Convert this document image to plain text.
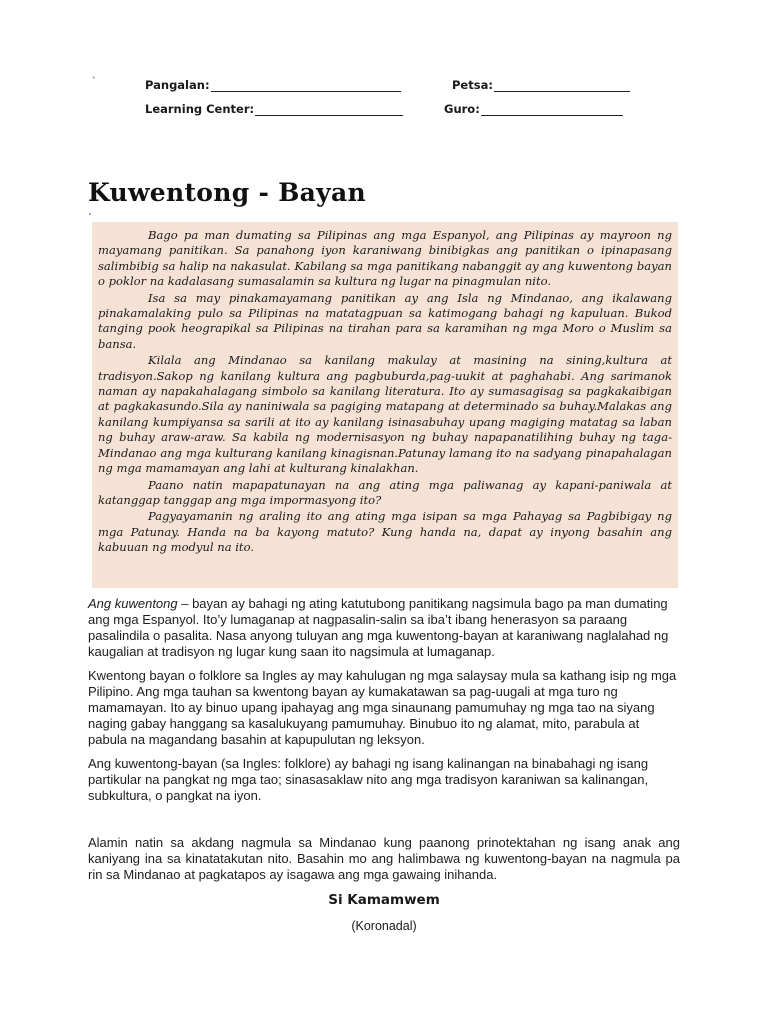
`	Pangalan:	Petsa:
Learning Center:	Guro:
Kuwentong - Bayan
'

Bago pa man dumating sa Pilipinas ang mga Espanyol, ang Pilipinas ay mayroon ng mayamang panitikan. Sa panahong iyon karaniwang binibigkas ang panitikan o ipinapasang salimbibig sa halip na nakasulat. Kabilang sa mga panitikang nabanggit ay ang kuwentong bayan o poklor na kadalasang sumasalamin sa kultura ng lugar na pinagmulan nito.

Isa sa may pinakamayamang panitikan ay ang Isla ng Mindanao, ang ikalawang pinakamalaking pulo sa Pilipinas na matatagpuan sa katimogang bahagi ng kapuluan. Bukod tanging pook heograpikal sa Pilipinas na tirahan para sa karamihan ng mga Moro o Muslim sa bansa.

Kilala ang Mindanao sa kanilang makulay at masining na sining,kultura at tradisyon.Sakop ng kanilang kultura ang pagbuburda,pag-uukit at paghahabi. Ang sarimanok naman ay napakahalagang simbolo sa kanilang literatura. Ito ay sumasagisag sa pagkakaibigan at pagkakasundo.Sila ay naniniwala sa pagiging matapang at determinado sa buhay.Malakas ang kanilang kumpiyansa sa sarili at ito ay kanilang isinasabuhay upang magiging matatag sa laban ng buhay araw-araw. Sa kabila ng modernisasyon ng buhay napapanatilihing buhay ng taga-Mindanao ang mga kulturang kanilang kinagisnan.Patunay lamang ito na sadyang pinapahalagan ng mga mamamayan ang lahi at kulturang kinalakhan.

Paano natin mapapatunayan na ang ating mga paliwanag ay kapani-paniwala at katanggap tanggap ang mga impormasyong ito?

Pagyayamanin ng araling ito ang ating mga isipan sa mga Pahayag sa Pagbibigay ng mga Patunay. Handa na ba kayong matuto? Kung handa na, dapat ay inyong basahin ang kabuuan ng modyul na ito.

Ang kuwentong – bayan ay bahagi ng ating katutubong panitikang nagsimula bago pa man dumating ang mga Espanyol. Ito’y lumaganap at nagpasalin-salin sa iba’t ibang henerasyon sa paraang pasalindila o pasalita. Nasa anyong tuluyan ang mga kuwentong-bayan at karaniwang naglalahad ng kaugalian at tradisyon ng lugar kung saan ito nagsimula at lumaganap.

Kwentong bayan o folklore sa Ingles ay may kahulugan ng mga salaysay mula sa kathang isip ng mga Pilipino. Ang mga tauhan sa kwentong bayan ay kumakatawan sa pag-uugali at mga turo ng mamamayan. Ito ay binuo upang ipahayag ang mga sinaunang pamumuhay ng mga tao na siyang naging gabay hanggang sa kasalukuyang pamumuhay. Binubuo ito ng alamat, mito, parabula at pabula na magandang basahin at kapupulutan ng leksyon.

Ang kuwentong-bayan (sa Ingles: folklore) ay bahagi ng isang kalinangan na binabahagi ng isang partikular na pangkat ng mga tao; sinasasaklaw nito ang mga tradisyon karaniwan sa kalinangan, subkultura, o pangkat na iyon.

Alamin natin sa akdang nagmula sa Mindanao kung paanong prinotektahan ng isang anak ang kaniyang ina sa kinatatakutan nito. Basahin mo ang halimbawa ng kuwentong-bayan na nagmula pa rin sa Mindanao at pagkatapos ay isagawa ang mga gawaing inihanda.

Si Kamamwem

(Koronadal)
